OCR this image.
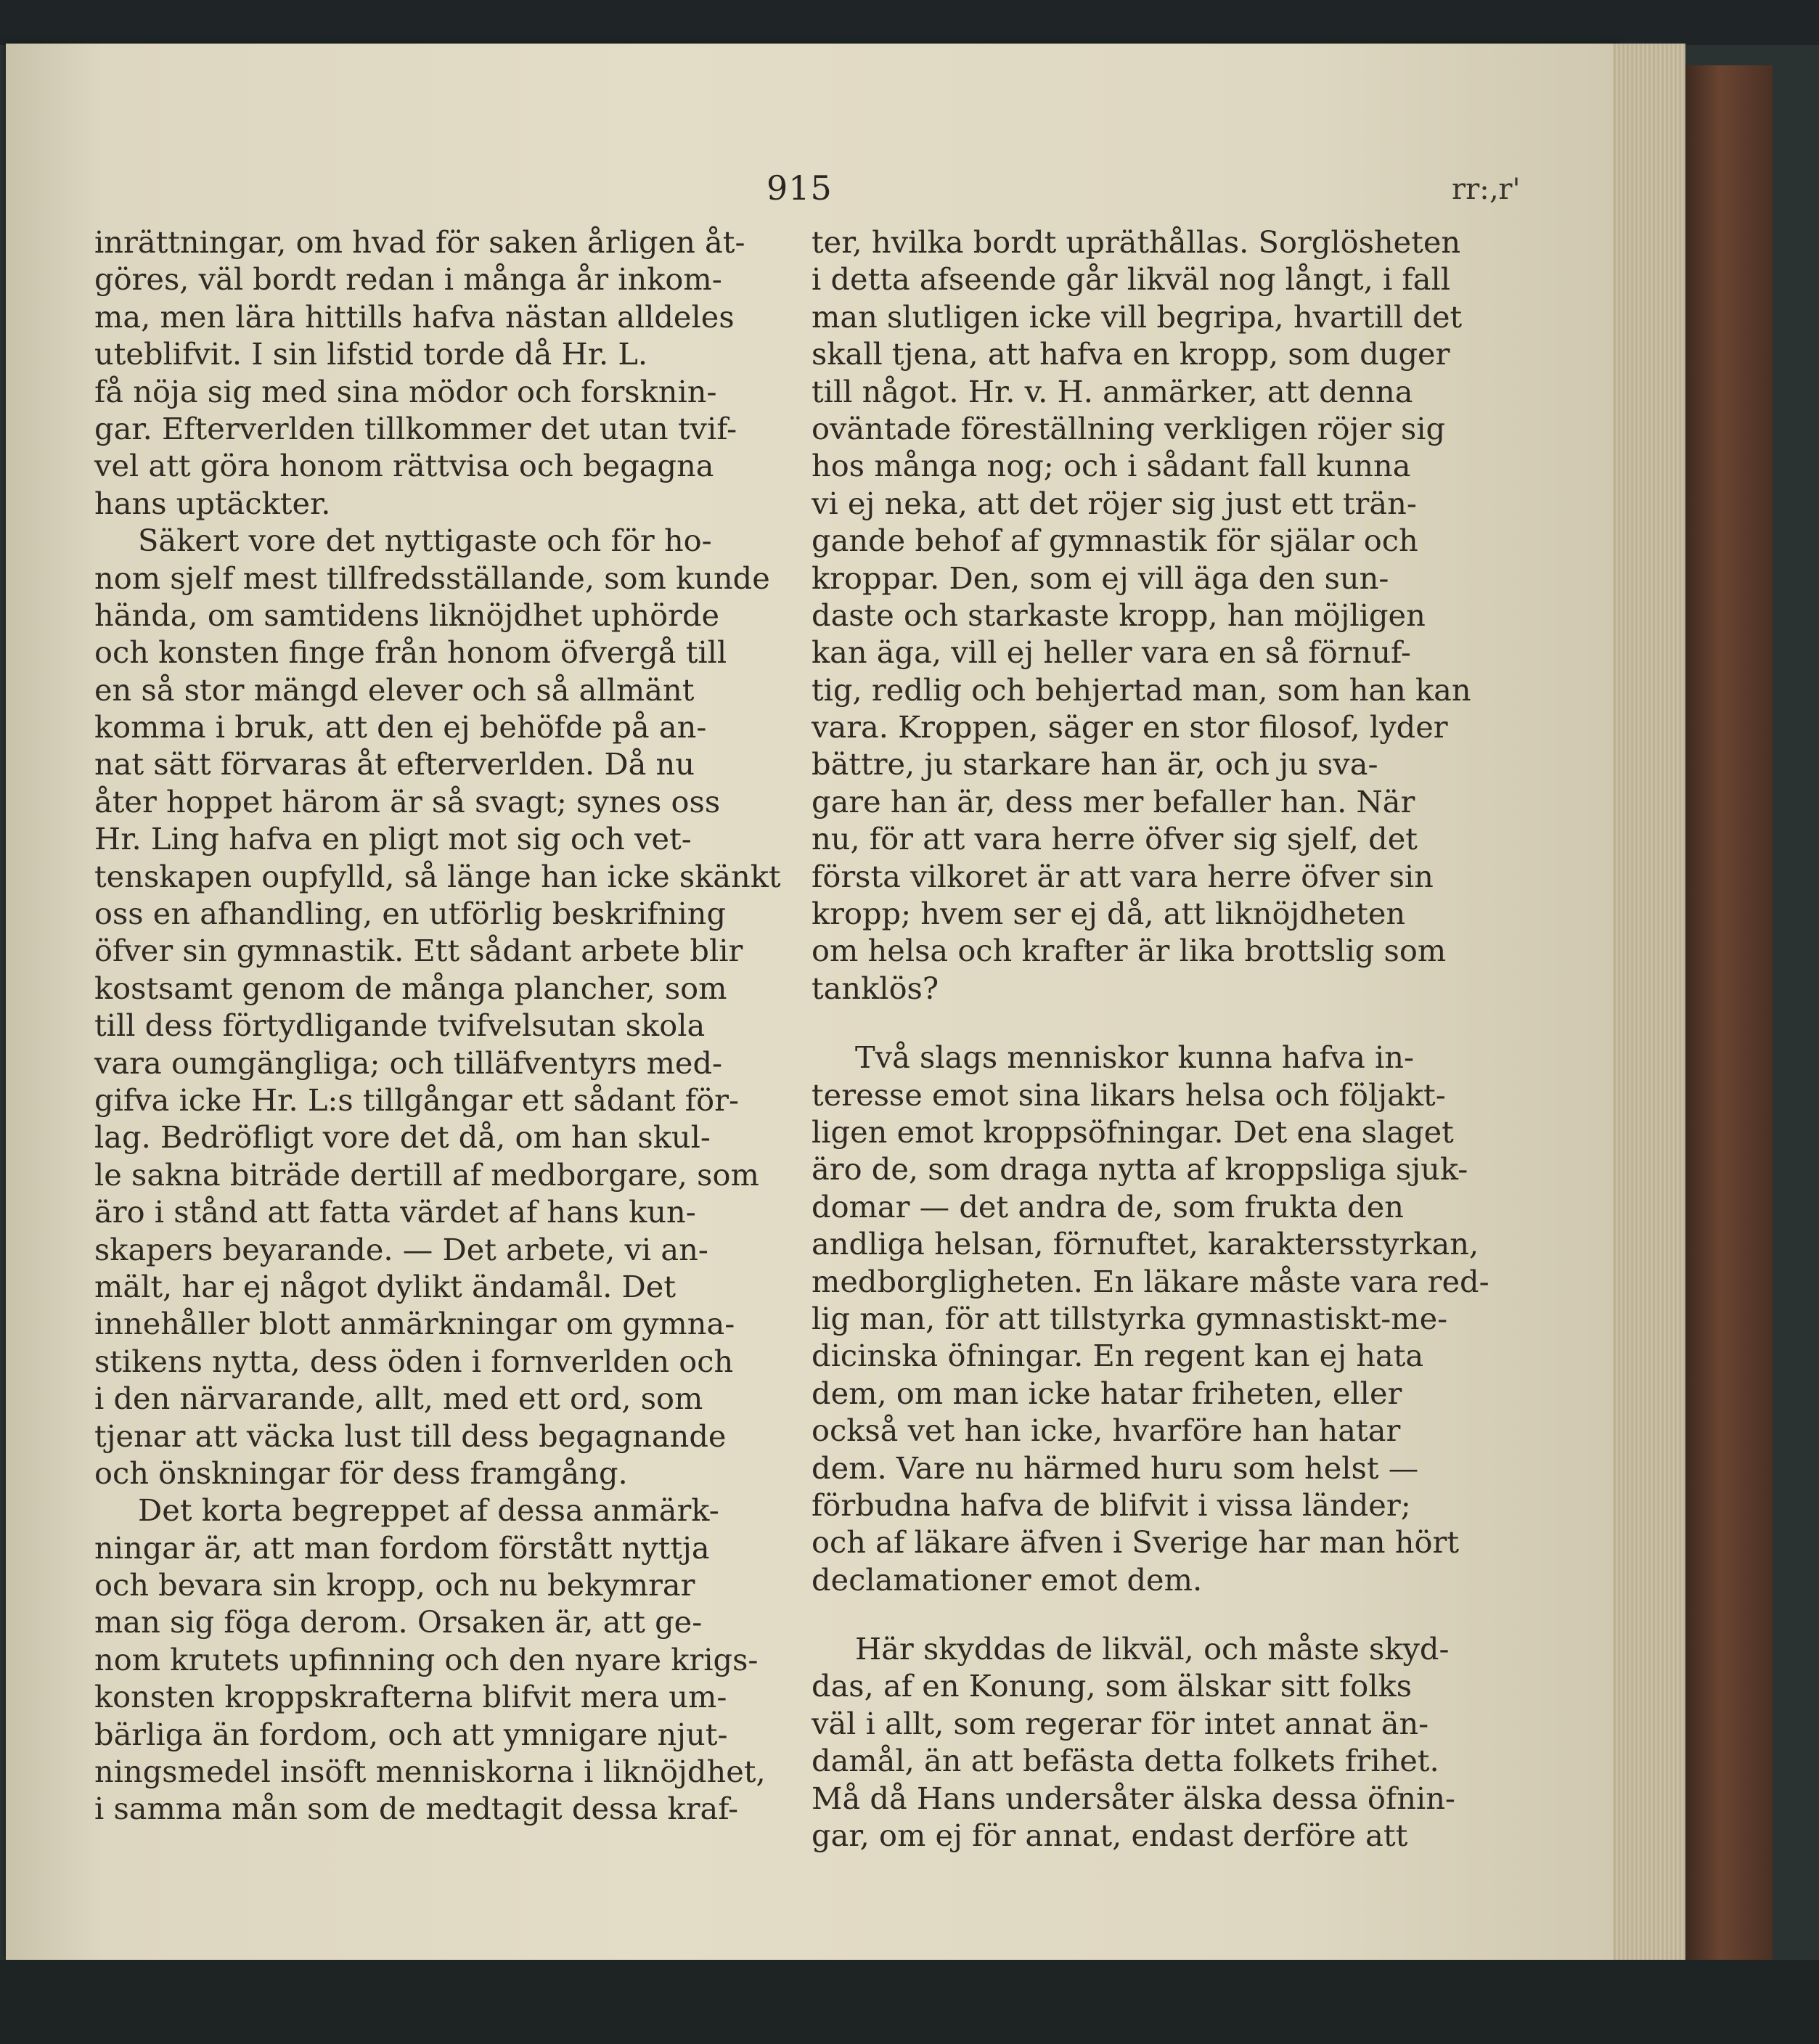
915	rr:‚r'
inrättningar, om hvad för saken årligen åt-
göres, väl bordt redan i många år inkom-
ma, men lära hittills hafva nästan alldeles
uteblifvit. I sin lifstid torde då Hr. L.
få nöja sig med sina mödor och forsknin-
gar. Efterverlden tillkommer det utan tvif-
vel att göra honom rättvisa och begagna
hans uptäckter.
Säkert vore det nyttigaste och för ho-
nom sjelf mest tillfredsställande, som kunde
hända, om samtidens liknöjdhet uphörde
och konsten finge från honom öfvergå till
en så stor mängd elever och så allmänt
komma i bruk, att den ej behöfde på an-
nat sätt förvaras åt efterverlden. Då nu
åter hoppet härom är så svagt; synes oss
Hr. Ling hafva en pligt mot sig och vet-
tenskapen oupfylld, så länge han icke skänkt
oss en afhandling, en utförlig beskrifning
öfver sin gymnastik. Ett sådant arbete blir
kostsamt genom de många plancher, som
till dess förtydligande tvifvelsutan skola
vara oumgängliga; och tilläfventyrs med-
gifva icke Hr. L:s tillgångar ett sådant för-
lag. Bedröfligt vore det då, om han skul-
le sakna biträde dertill af medborgare, som
äro i stånd att fatta värdet af hans kun-
skapers beyarande. — Det arbete, vi an-
mält, har ej något dylikt ändamål. Det
innehåller blott anmärkningar om gymna-
stikens nytta, dess öden i fornverlden och
i den närvarande, allt, med ett ord, som
tjenar att väcka lust till dess begagnande
och önskningar för dess framgång.
Det korta begreppet af dessa anmärk-
ningar är, att man fordom förstått nyttja
och bevara sin kropp, och nu bekymrar
man sig föga derom. Orsaken är, att ge-
nom krutets upfinning och den nyare krigs-
konsten kroppskrafterna blifvit mera um-
bärliga än fordom, och att ymnigare njut-
ningsmedel insöft menniskorna i liknöjdhet,
i samma mån som de medtagit dessa kraf-
ter, hvilka bordt upräthållas. Sorglösheten
i detta afseende går likväl nog långt, i fall
man slutligen icke vill begripa, hvartill det
skall tjena, att hafva en kropp, som duger
till något. Hr. v. H. anmärker, att denna
oväntade föreställning verkligen röjer sig
hos många nog; och i sådant fall kunna
vi ej neka, att det röjer sig just ett trän-
gande behof af gymnastik för själar och
kroppar. Den, som ej vill äga den sun-
daste och starkaste kropp, han möjligen
kan äga, vill ej heller vara en så förnuf-
tig, redlig och behjertad man, som han kan
vara. Kroppen, säger en stor filosof, lyder
bättre, ju starkare han är, och ju sva-
gare han är, dess mer befaller han. När
nu, för att vara herre öfver sig sjelf, det
första vilkoret är att vara herre öfver sin
kropp; hvem ser ej då, att liknöjdheten
om helsa och krafter är lika brottslig som
tanklös?
Två slags menniskor kunna hafva in-
teresse emot sina likars helsa och följakt-
ligen emot kroppsöfningar. Det ena slaget
äro de, som draga nytta af kroppsliga sjuk-
domar — det andra de, som frukta den
andliga helsan, förnuftet, karaktersstyrkan,
medborgligheten. En läkare måste vara red-
lig man, för att tillstyrka gymnastiskt-me-
dicinska öfningar. En regent kan ej hata
dem, om man icke hatar friheten, eller
också vet han icke, hvarföre han hatar
dem. Vare nu härmed huru som helst —
förbudna hafva de blifvit i vissa länder;
och af läkare äfven i Sverige har man hört
declamationer emot dem.
Här skyddas de likväl, och måste skyd-
das, af en Konung, som älskar sitt folks
väl i allt, som regerar för intet annat än-
damål, än att befästa detta folkets frihet.
Må då Hans undersåter älska dessa öfnin-
gar, om ej för annat, endast derföre att
